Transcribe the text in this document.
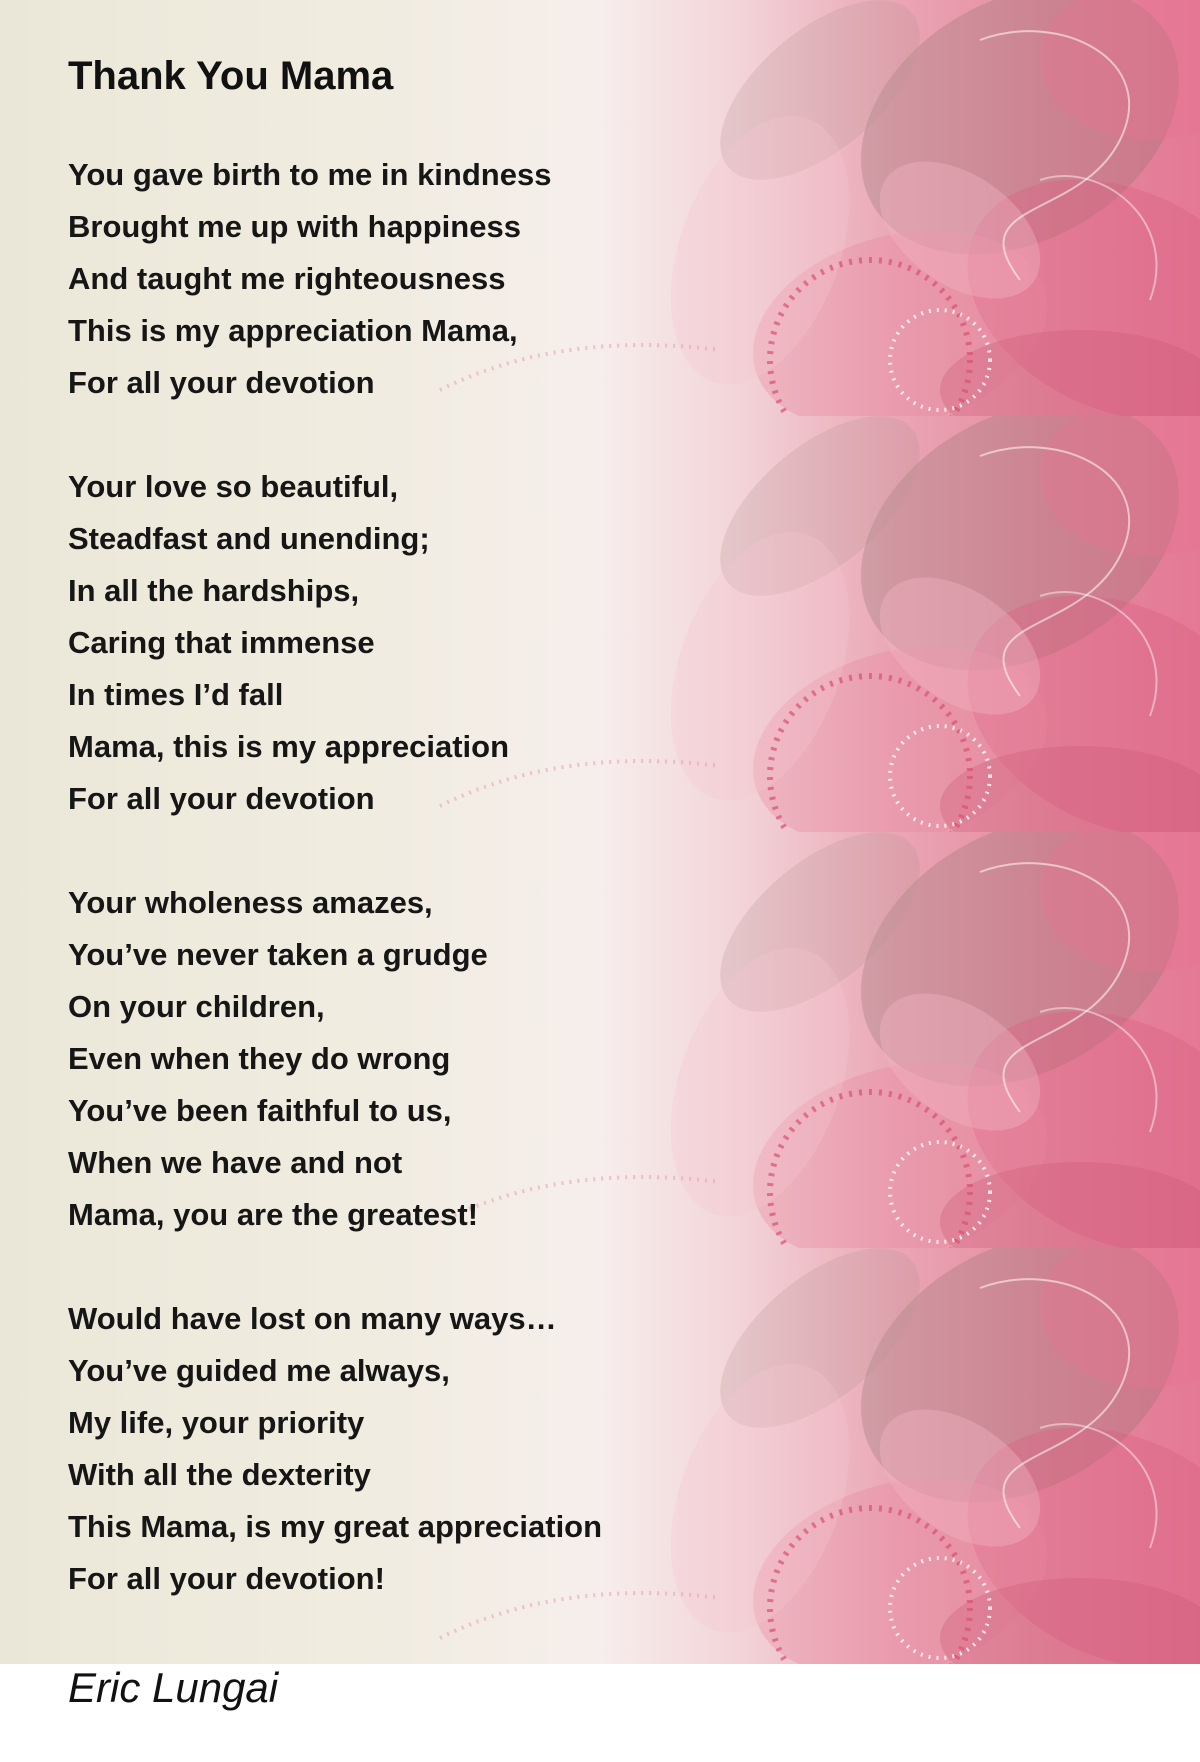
Thank You Mama
You gave birth to me in kindness
Brought me up with happiness
And taught me righteousness
This is my appreciation Mama,
For all your devotion
Your love so beautiful,
Steadfast and unending;
In all the hardships,
Caring that immense
In times I’d fall
Mama, this is my appreciation
For all your devotion
Your wholeness amazes,
You’ve never taken a grudge
On your children,
Even when they do wrong
You’ve been faithful to us,
When we have and not
Mama, you are the greatest!
Would have lost on many ways…
You’ve guided me always,
My life, your priority
With all the dexterity
This Mama, is my great appreciation
For all your devotion!
Eric Lungai
